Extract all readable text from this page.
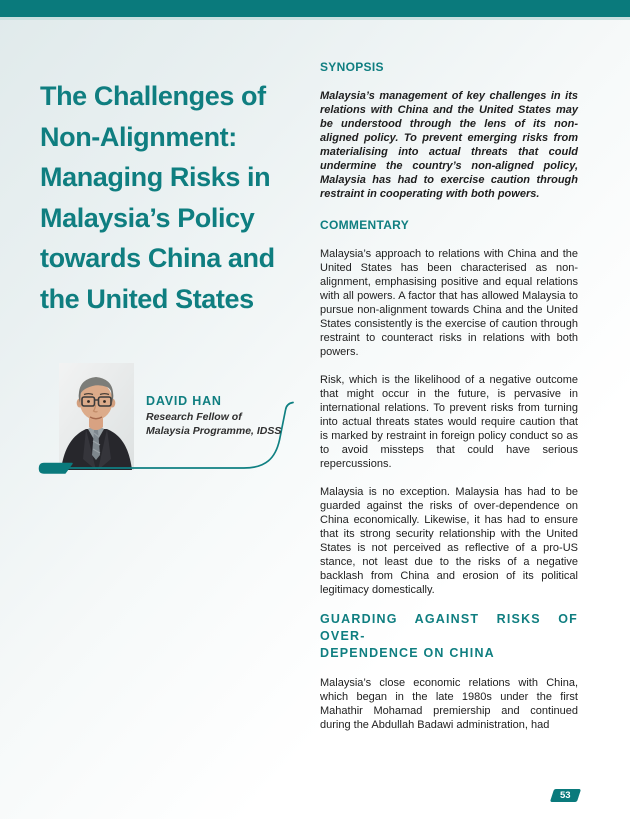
The Challenges of
Non-Alignment:
Managing Risks in
Malaysia’s Policy
towards China and
the United States
DAVID HAN
Research Fellow of
Malaysia Programme, IDSS
SYNOPSIS

Malaysia’s management of key challenges in its relations with China and the United States may be understood through the lens of its non-aligned policy. To prevent emerging risks from materialising into actual threats that could undermine the country’s non-aligned policy, Malaysia has had to exercise caution through restraint in cooperating with both powers.

COMMENTARY

Malaysia’s approach to relations with China and the United States has been characterised as non-alignment, emphasising positive and equal relations with all powers. A factor that has allowed Malaysia to pursue non-alignment towards China and the United States consistently is the exercise of caution through restraint to counteract risks in relations with both powers.

Risk, which is the likelihood of a negative outcome that might occur in the future, is pervasive in international relations. To prevent risks from turning into actual threats states would require caution that is marked by restraint in foreign policy conduct so as to avoid missteps that could have serious repercussions.

Malaysia is no exception. Malaysia has had to be guarded against the risks of over-dependence on China economically. Likewise, it has had to ensure that its strong security relationship with the United States is not perceived as reflective of a pro-US stance, not least due to the risks of a negative backlash from China and erosion of its political legitimacy domestically.

GUARDING AGAINST RISKS OF OVER-
DEPENDENCE ON CHINA

Malaysia’s close economic relations with China, which began in the late 1980s under the first Mahathir Mohamad premiership and continued during the Abdullah Badawi administration, had

53
